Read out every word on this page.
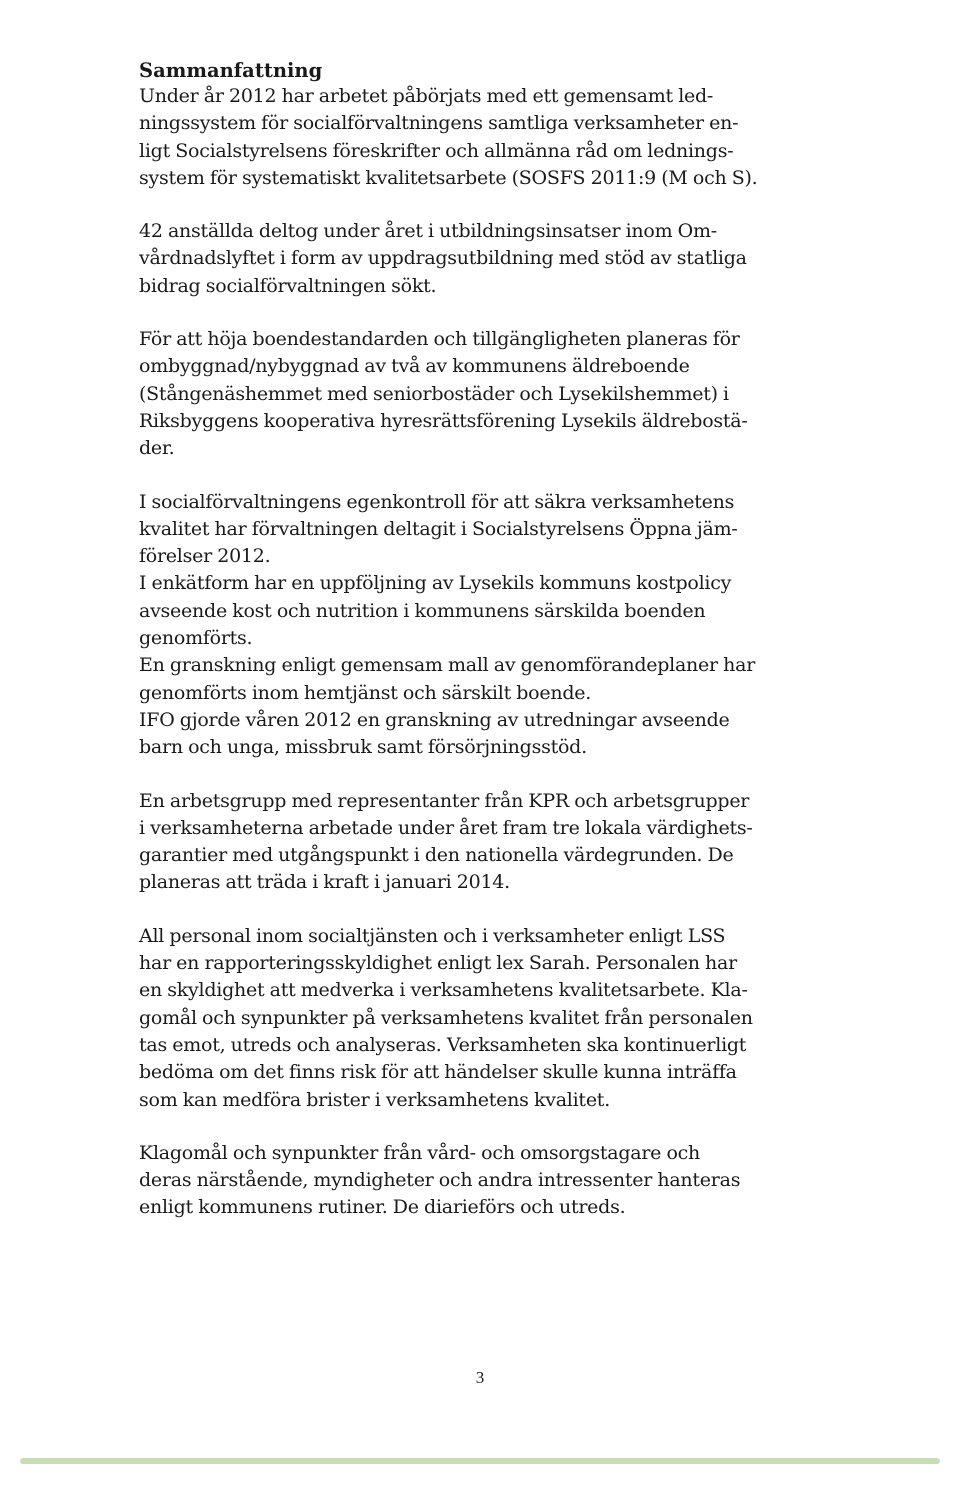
Sammanfattning

Under år 2012 har arbetet påbörjats med ett gemensamt led-
ningssystem för socialförvaltningens samtliga verksamheter en-
ligt Socialstyrelsens föreskrifter och allmänna råd om lednings-
system för systematiskt kvalitetsarbete (SOSFS 2011:9 (M och S).

42 anställda deltog under året i utbildningsinsatser inom Om-
vårdnadslyftet i form av uppdragsutbildning med stöd av statliga
bidrag socialförvaltningen sökt.

För att höja boendestandarden och tillgängligheten planeras för
ombyggnad/nybyggnad av två av kommunens äldreboende
(Stångenäshemmet med seniorbostäder och Lysekilshemmet) i
Riksbyggens kooperativa hyresrättsförening Lysekils äldrebostä-
der.

I socialförvaltningens egenkontroll för att säkra verksamhetens
kvalitet har förvaltningen deltagit i Socialstyrelsens Öppna jäm-
förelser 2012.

I enkätform har en uppföljning av Lysekils kommuns kostpolicy
avseende kost och nutrition i kommunens särskilda boenden
genomförts.

En granskning enligt gemensam mall av genomförandeplaner har
genomförts inom hemtjänst och särskilt boende.

IFO gjorde våren 2012 en granskning av utredningar avseende
barn och unga, missbruk samt försörjningsstöd.

En arbetsgrupp med representanter från KPR och arbetsgrupper
i verksamheterna arbetade under året fram tre lokala värdighets-
garantier med utgångspunkt i den nationella värdegrunden. De
planeras att träda i kraft i januari 2014.

All personal inom socialtjänsten och i verksamheter enligt LSS
har en rapporteringsskyldighet enligt lex Sarah. Personalen har
en skyldighet att medverka i verksamhetens kvalitetsarbete. Kla-
gomål och synpunkter på verksamhetens kvalitet från personalen
tas emot, utreds och analyseras. Verksamheten ska kontinuerligt
bedöma om det finns risk för att händelser skulle kunna inträffa
som kan medföra brister i verksamhetens kvalitet.

Klagomål och synpunkter från vård- och omsorgstagare och
deras närstående, myndigheter och andra intressenter hanteras
enligt kommunens rutiner. De diarieförs och utreds.

3
